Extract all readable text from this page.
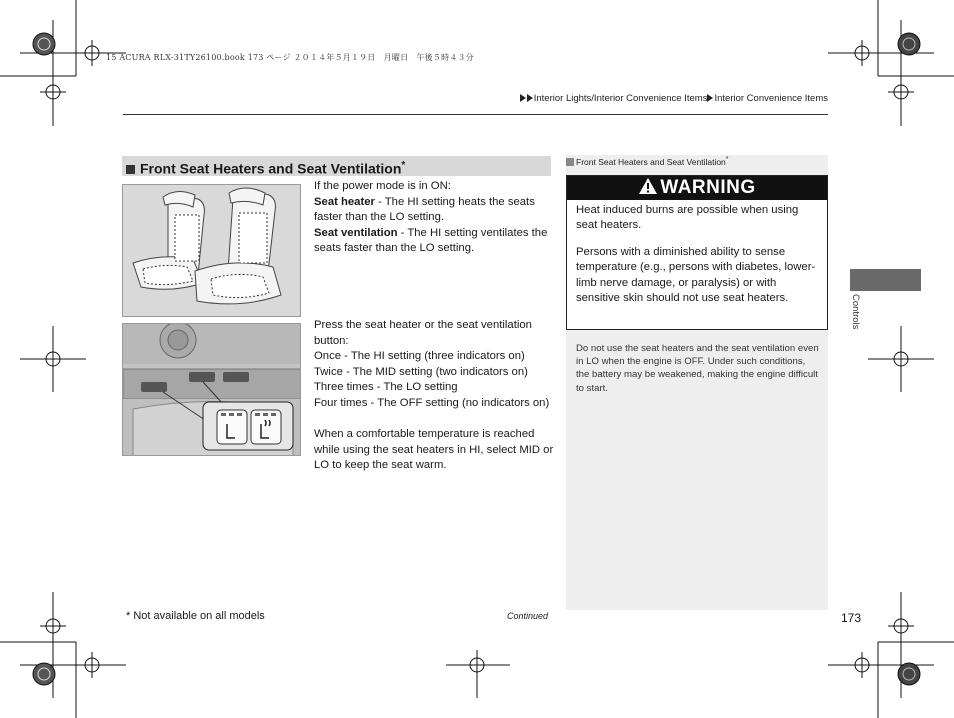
15 ACURA RLX-31TY26100.book 173 ページ ２０１４年５月１９日　月曜日　午後５時４３分
Interior Lights/Interior Convenience Items Interior Convenience Items
Front Seat Heaters and Seat Ventilation*

If the power mode is in ON:

Seat heater - The HI setting heats the seats faster than the LO setting.

Seat ventilation - The HI setting ventilates the seats faster than the LO setting.

Press the seat heater or the seat ventilation button:

Once - The HI setting (three indicators on)

Twice - The MID setting (two indicators on)

Three times - The LO setting

Four times - The OFF setting (no indicators on)

When a comfortable temperature is reached while using the seat heaters in HI, select MID or LO to keep the seat warm.

Front Seat Heaters and Seat Ventilation*
WARNING

Heat induced burns are possible when using seat heaters.

Persons with a diminished ability to sense temperature (e.g., persons with diabetes, lower-limb nerve damage, or paralysis) or with sensitive skin should not use seat heaters.

Do not use the seat heaters and the seat ventilation even in LO when the engine is OFF. Under such conditions, the battery may be weakened, making the engine difficult to start.
Controls
* Not available on all models	Continued	173
